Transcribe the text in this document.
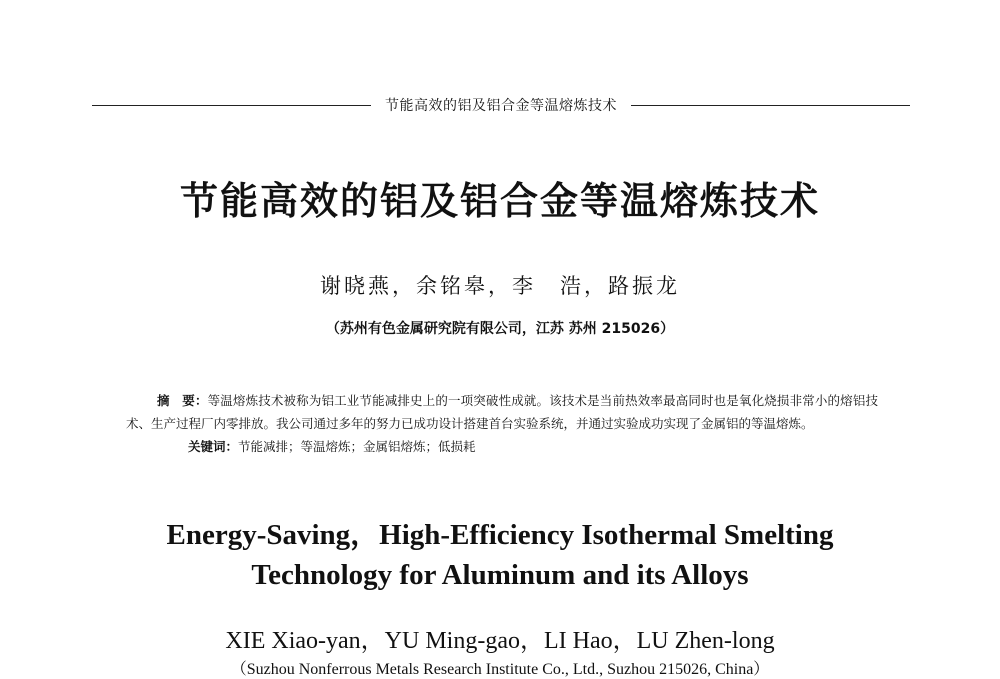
节能高效的铝及铝合金等温熔炼技术
节能高效的铝及铝合金等温熔炼技术
谢晓燕，余铭皋，李　浩，路振龙
（苏州有色金属研究院有限公司，江苏 苏州 215026）

摘　要：等温熔炼技术被称为铝工业节能减排史上的一项突破性成就。该技术是当前热效率最高同时也是氧化烧损非常小的熔铝技术、生产过程厂内零排放。我公司通过多年的努力已成功设计搭建首台实验系统，并通过实验成功实现了金属铝的等温熔炼。

关键词：节能减排；等温熔炼；金属铝熔炼；低损耗

Energy-Saving，High-Efficiency Isothermal Smelting
Technology for Aluminum and its Alloys
XIE Xiao-yan，YU Ming-gao，LI Hao，LU Zhen-long
（Suzhou Nonferrous Metals Research Institute Co., Ltd., Suzhou 215026, China）
